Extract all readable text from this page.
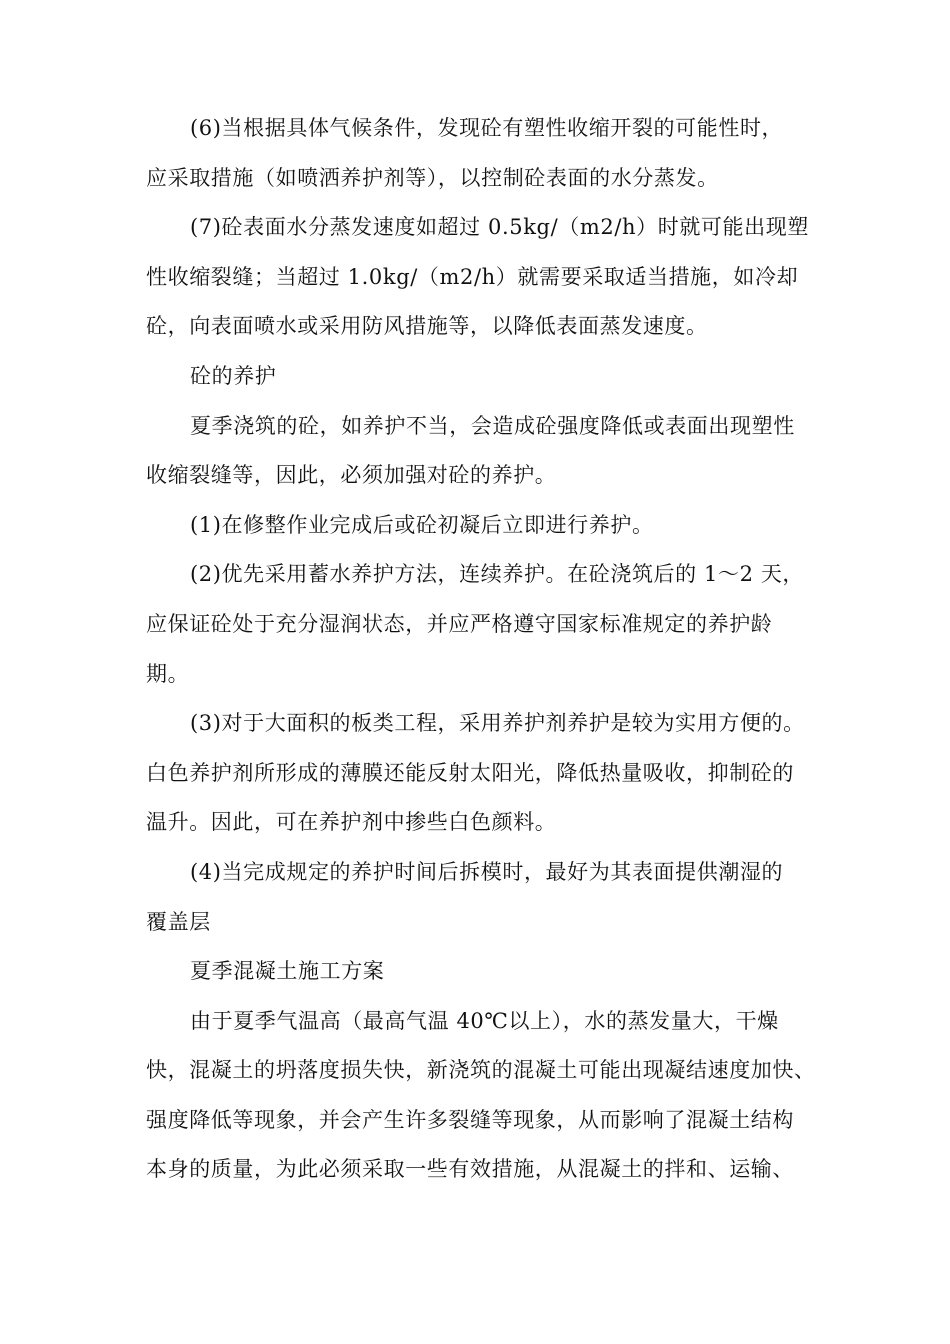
(6)当根据具体气候条件，发现砼有塑性收缩开裂的可能性时，
应采取措施（如喷洒养护剂等），以控制砼表面的水分蒸发。
(7)砼表面水分蒸发速度如超过 0.5kg/（m2/h）时就可能出现塑
性收缩裂缝；当超过 1.0kg/（m2/h）就需要采取适当措施，如冷却
砼，向表面喷水或采用防风措施等，以降低表面蒸发速度。
砼的养护
夏季浇筑的砼，如养护不当，会造成砼强度降低或表面出现塑性
收缩裂缝等，因此，必须加强对砼的养护。
(1)在修整作业完成后或砼初凝后立即进行养护。
(2)优先采用蓄水养护方法，连续养护。在砼浇筑后的 1～2 天，
应保证砼处于充分湿润状态，并应严格遵守国家标准规定的养护龄
期。
(3)对于大面积的板类工程，采用养护剂养护是较为实用方便的。
白色养护剂所形成的薄膜还能反射太阳光，降低热量吸收，抑制砼的
温升。因此，可在养护剂中掺些白色颜料。
(4)当完成规定的养护时间后拆模时，最好为其表面提供潮湿的
覆盖层
夏季混凝土施工方案
由于夏季气温高（最高气温 40℃以上），水的蒸发量大，干燥
快，混凝土的坍落度损失快，新浇筑的混凝土可能出现凝结速度加快、
强度降低等现象，并会产生许多裂缝等现象，从而影响了混凝土结构
本身的质量，为此必须采取一些有效措施，从混凝土的拌和、运输、
